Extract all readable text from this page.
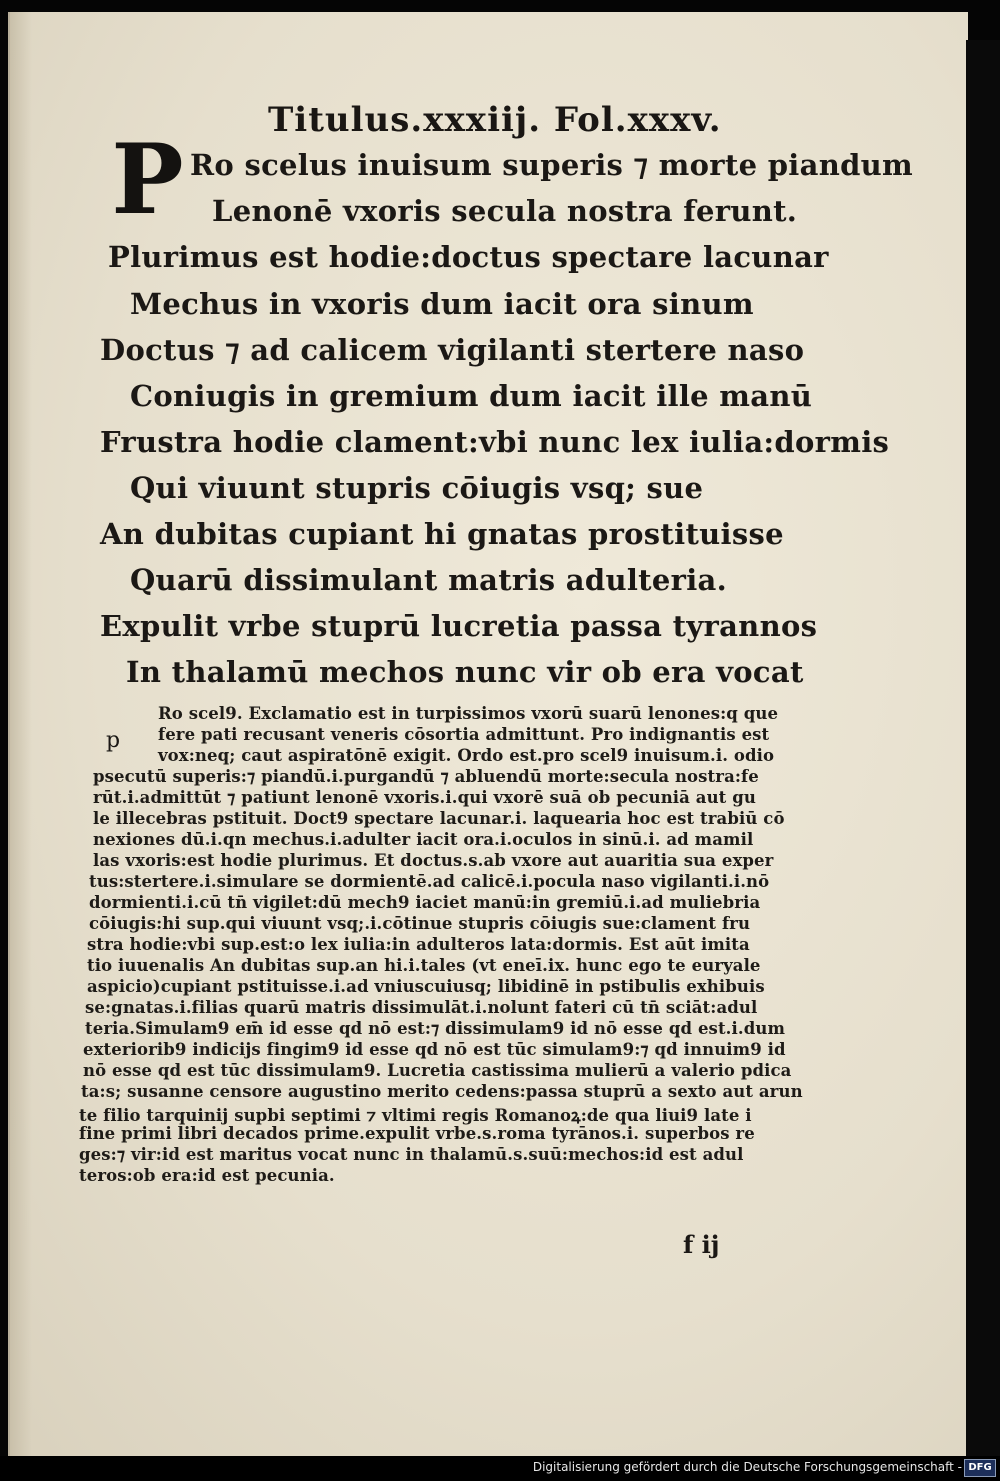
Titulus.xxxiij. Fol.xxxv.
P Ro scelus inuisum superis ⁊ morte piandum
Lenonē vxoris secula nostra ferunt.
Plurimus est hodie:doctus spectare lacunar
Mechus in vxoris dum iacit ora sinum
Doctus ⁊ ad calicem vigilanti stertere naso
Coniugis in gremium dum iacit ille manū
Frustra hodie clament:vbi nunc lex iulia:dormis
Qui viuunt stupris cōiugis vsq; sue
An dubitas cupiant hi gnatas prostituisse
Quarū dissimulant matris adulteria.
Expulit vrbe stuprū lucretia passa tyrannos
In thalamū mechos nunc vir ob era vocat
p
Ro scel9. Exclamatio est in turpissimos vxorū suarū lenones:q que
fere pati recusant veneris cōsortia admittunt. Pro indignantis est
vox:neq; caut aspiratōnē exigit. Ordo est.pro scel9 inuisum.i. odio
psecutū superis:⁊ piandū.i.purgandū ⁊ abluendū morte:secula nostra:fe
rūt.i.admittūt ⁊ patiunt lenonē vxoris.i.qui vxorē suā ob pecuniā aut gu
le illecebras pstituit. Doct9 spectare lacunar.i. laquearia hoc est trabiū cō
nexiones dū.i.qn mechus.i.adulter iacit ora.i.oculos in sinū.i. ad mamil
las vxoris:est hodie plurimus. Et doctus.s.ab vxore aut auaritia sua exper
tus:stertere.i.simulare se dormientē.ad calicē.i.pocula naso vigilanti.i.nō
dormienti.i.cū tn̄ vigilet:dū mech9 iaciet manū:in gremiū.i.ad muliebria
cōiugis:hi sup.qui viuunt vsq;.i.cōtinue stupris cōiugis sue:clament fru
stra hodie:vbi sup.est:o lex iulia:in adulteros lata:dormis. Est aūt imita
tio iuuenalis An dubitas sup.an hi.i.tales (vt eneī.ix. hunc ego te euryale
aspicio)cupiant pstituisse.i.ad vniuscuiusq; libidinē in pstibulis exhibuis
se:gnatas.i.filias quarū matris dissimulāt.i.nolunt fateri cū tn̄ sciāt:adul
teria.Simulam9 em̄ id esse qd nō est:⁊ dissimulam9 id nō esse qd est.i.dum
exteriorib9 indicijs fingim9 id esse qd nō est tūc simulam9:⁊ qd innuim9 id
nō esse qd est tūc dissimulam9. Lucretia castissima mulierū a valerio pdica
ta:s; susanne censore augustino merito cedens:passa stuprū a sexto aut arun
te filio tarquinij supbi septimi ⁊ vltimi regis Romanoꝝ:de qua liui9 late i
fine primi libri decados prime.expulit vrbe.s.roma tyrānos.i. superbos re
ges:⁊ vir:id est maritus vocat nunc in thalamū.s.suū:mechos:id est adul
teros:ob era:id est pecunia.
f ij
Digitalisierung gefördert durch die Deutsche Forschungsgemeinschaft - DFG
